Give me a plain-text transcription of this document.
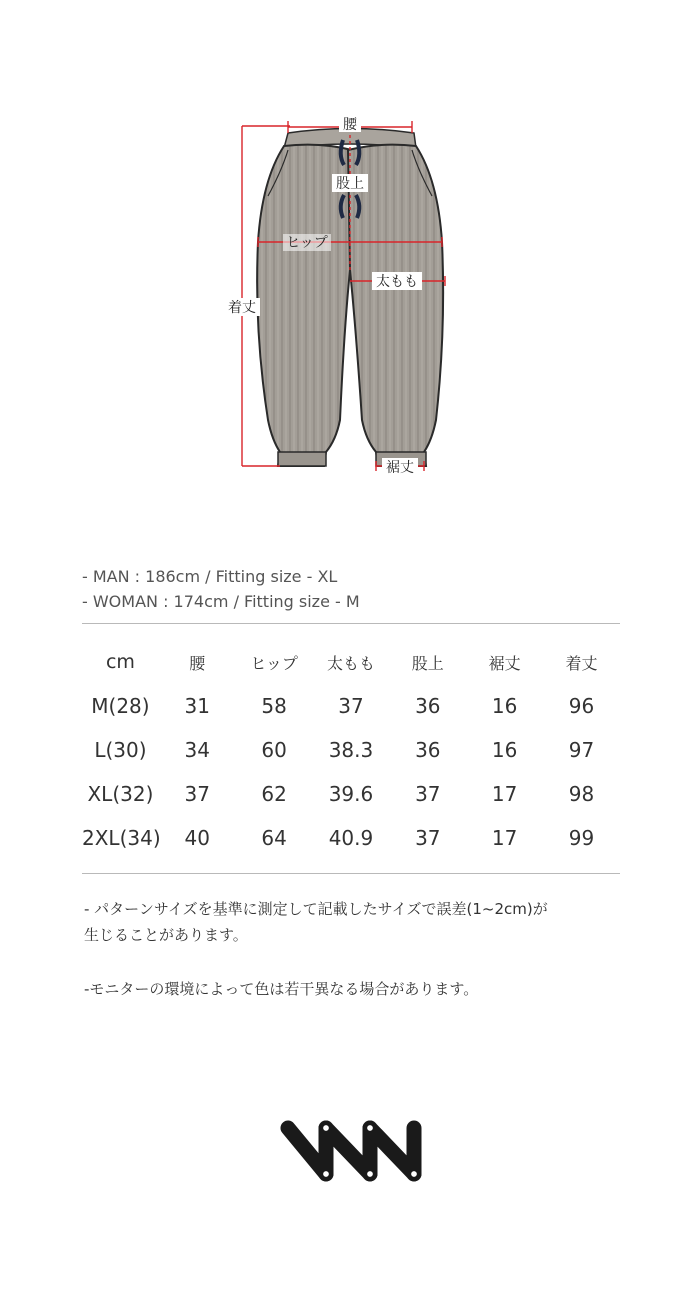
腰
股上
ヒップ
太もも
着丈
裾丈
- MAN : 186cm / Fitting size - XL
- WOMAN : 174cm / Fitting size - M
cm	腰	ヒップ	太もも	股上	裾丈	着丈
M(28)	31	58	37	36	16	96
L(30)	34	60	38.3	36	16	97
XL(32)	37	62	39.6	37	17	98
2XL(34)	40	64	40.9	37	17	99

- パターンサイズを基準に測定して記載したサイズで誤差(1~2cm)が

生じることがあります。

-モニターの環境によって色は若干異なる場合があります。
